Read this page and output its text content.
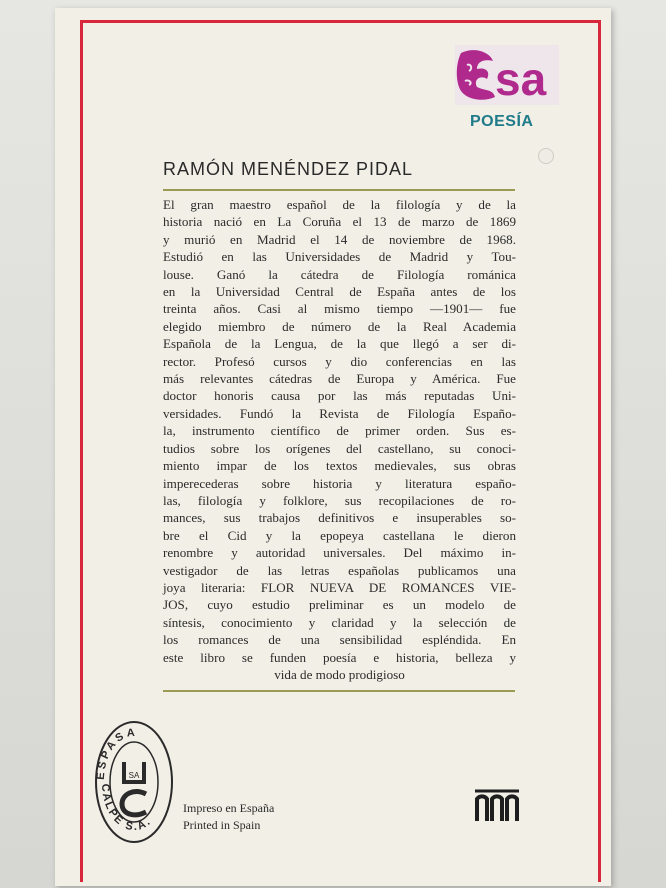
sa
POESÍA
RAMÓN MENÉNDEZ PIDAL
El gran maestro español de la filología y de la
historia nació en La Coruña el 13 de marzo de 1869
y murió en Madrid el 14 de noviembre de 1968.
Estudió en las Universidades de Madrid y Tou-
louse. Ganó la cátedra de Filología románica
en la Universidad Central de España antes de los
treinta años. Casi al mismo tiempo —1901— fue
elegido miembro de número de la Real Academia
Española de la Lengua, de la que llegó a ser di-
rector. Profesó cursos y dio conferencias en las
más relevantes cátedras de Europa y América. Fue
doctor honoris causa por las más reputadas Uni-
versidades. Fundó la Revista de Filología Españo-
la, instrumento científico de primer orden. Sus es-
tudios sobre los orígenes del castellano, su conoci-
miento impar de los textos medievales, sus obras
imperecederas sobre historia y literatura españo-
las, filología y folklore, sus recopilaciones de ro-
mances, sus trabajos definitivos e insuperables so-
bre el Cid y la epopeya castellana le dieron
renombre y autoridad universales. Del máximo in-
vestigador de las letras españolas publicamos una
joya literaria: FLOR NUEVA DE ROMANCES VIE-
JOS, cuyo estudio preliminar es un modelo de
síntesis, conocimiento y claridad y la selección de
los romances de una sensibilidad espléndida. En
este libro se funden poesía e historia, belleza y
vida de modo prodigioso
ESPASA
CALPE S.A.
SA
Impreso en España
Printed in Spain
